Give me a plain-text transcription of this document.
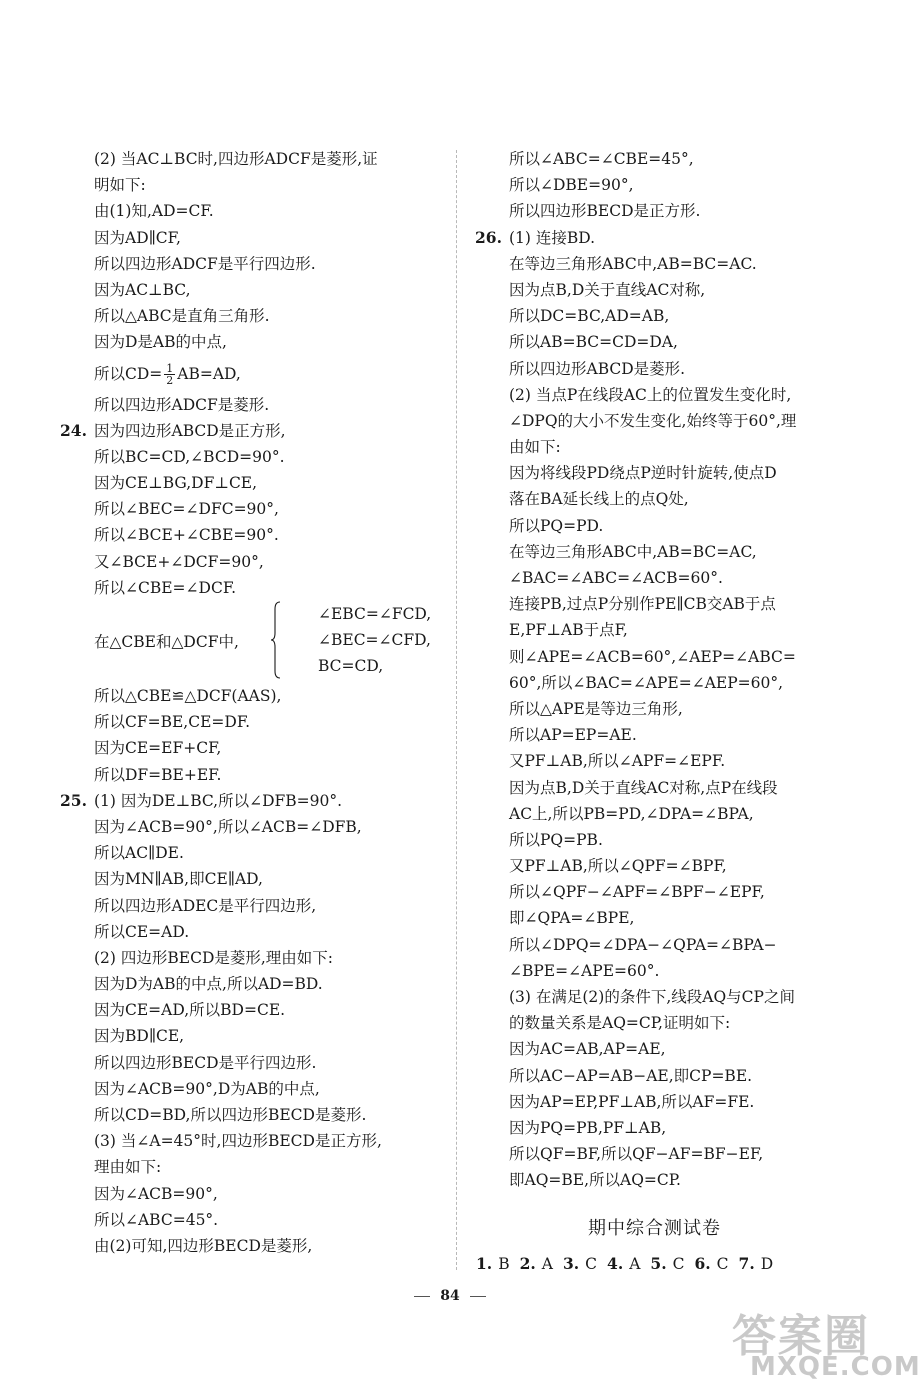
(2) 当AC⊥BC时,四边形ADCF是菱形,证
明如下:
由(1)知,AD=CF.
因为AD∥CF,
所以四边形ADCF是平行四边形.
因为AC⊥BC,
所以△ABC是直角三角形.
因为D是AB的中点,
所以$CD= \frac{1}{2} AB=AD$,
所以四边形ADCF是菱形.
24. 因为四边形ABCD是正方形,
所以BC=CD,∠BCD=90°.
因为CE⊥BG,DF⊥CE,
所以∠BEC=∠DFC=90°,
所以∠BCE+∠CBE=90°.
又∠BCE+∠DCF=90°,
所以∠CBE=∠DCF.
在△CBE和△DCF中,
∠EBC=∠FCD,
∠BEC=∠CFD,
BC=CD,
所以△CBE≌△DCF(AAS),
所以CF=BE,CE=DF.
因为CE=EF+CF,
所以DF=BE+EF.
25. (1) 因为DE⊥BC,所以∠DFB=90°.
因为∠ACB=90°,所以∠ACB=∠DFB,
所以AC∥DE.
因为MN∥AB,即CE∥AD,
所以四边形ADEC是平行四边形,
所以CE=AD.
(2) 四边形BECD是菱形,理由如下:
因为D为AB的中点,所以AD=BD.
因为CE=AD,所以BD=CE.
因为BD∥CE,
所以四边形BECD是平行四边形.
因为∠ACB=90°,D为AB的中点,
所以CD=BD,所以四边形BECD是菱形.
(3) 当∠A=45°时,四边形BECD是正方形,
理由如下:
因为∠ACB=90°,
所以∠ABC=45°.
由(2)可知,四边形BECD是菱形,
所以∠ABC=∠CBE=45°,
所以∠DBE=90°,
所以四边形BECD是正方形.
26. (1) 连接BD.
在等边三角形ABC中,AB=BC=AC.
因为点B,D关于直线AC对称,
所以DC=BC,AD=AB,
所以AB=BC=CD=DA,
所以四边形ABCD是菱形.
(2) 当点P在线段AC上的位置发生变化时,
∠DPQ的大小不发生变化,始终等于60°,理
由如下:
因为将线段PD绕点P逆时针旋转,使点D
落在BA延长线上的点Q处,
所以PQ=PD.
在等边三角形ABC中,AB=BC=AC,
∠BAC=∠ABC=∠ACB=60°.
连接PB,过点P分别作PE∥CB交AB于点
E,PF⊥AB于点F,
则∠APE=∠ACB=60°,∠AEP=∠ABC=
60°,所以∠BAC=∠APE=∠AEP=60°,
所以△APE是等边三角形,
所以AP=EP=AE.
又PF⊥AB,所以∠APF=∠EPF.
因为点B,D关于直线AC对称,点P在线段
AC上,所以PB=PD,∠DPA=∠BPA,
所以PQ=PB.
又PF⊥AB,所以∠QPF=∠BPF,
所以∠QPF−∠APF=∠BPF−∠EPF,
即∠QPA=∠BPE,
所以∠DPQ=∠DPA−∠QPA=∠BPA−
∠BPE=∠APE=60°.
(3) 在满足(2)的条件下,线段AQ与CP之间
的数量关系是AQ=CP,证明如下:
因为AC=AB,AP=AE,
所以AC−AP=AB−AE,即CP=BE.
因为AP=EP,PF⊥AB,所以AF=FE.
因为PQ=PB,PF⊥AB,
所以QF=BF,所以QF−AF=BF−EF,
即AQ=BE,所以AQ=CP.
期中综合测试卷
1. B 2. A 3. C 4. A 5. C 6. C 7. D
84
答案圈
MXQE.COM
